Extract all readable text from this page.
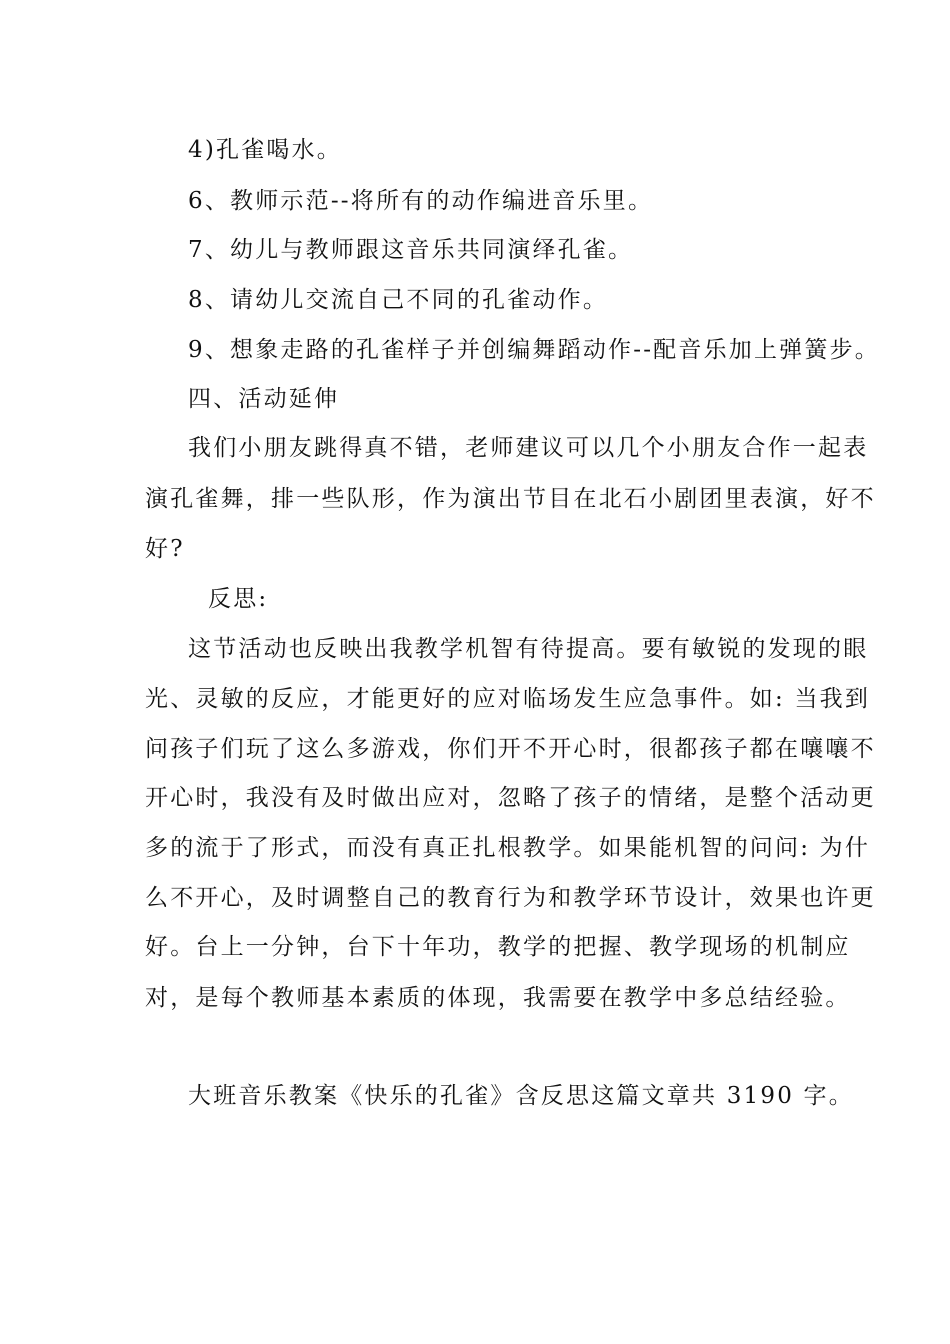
4)孔雀喝水。
6、教师示范--将所有的动作编进音乐里。
7、幼儿与教师跟这音乐共同演绎孔雀。
8、请幼儿交流自己不同的孔雀动作。
9、想象走路的孔雀样子并创编舞蹈动作--配音乐加上弹簧步。
四、活动延伸
我们小朋友跳得真不错，老师建议可以几个小朋友合作一起表
演孔雀舞，排一些队形，作为演出节目在北石小剧团里表演，好不
好?
反思:
这节活动也反映出我教学机智有待提高。要有敏锐的发现的眼
光、灵敏的反应，才能更好的应对临场发生应急事件。如: 当我到
问孩子们玩了这么多游戏，你们开不开心时，很都孩子都在嚷嚷不
开心时，我没有及时做出应对，忽略了孩子的情绪，是整个活动更
多的流于了形式，而没有真正扎根教学。如果能机智的问问: 为什
么不开心，及时调整自己的教育行为和教学环节设计，效果也许更
好。台上一分钟，台下十年功，教学的把握、教学现场的机制应
对，是每个教师基本素质的体现，我需要在教学中多总结经验。
大班音乐教案《快乐的孔雀》含反思这篇文章共 3190 字。
